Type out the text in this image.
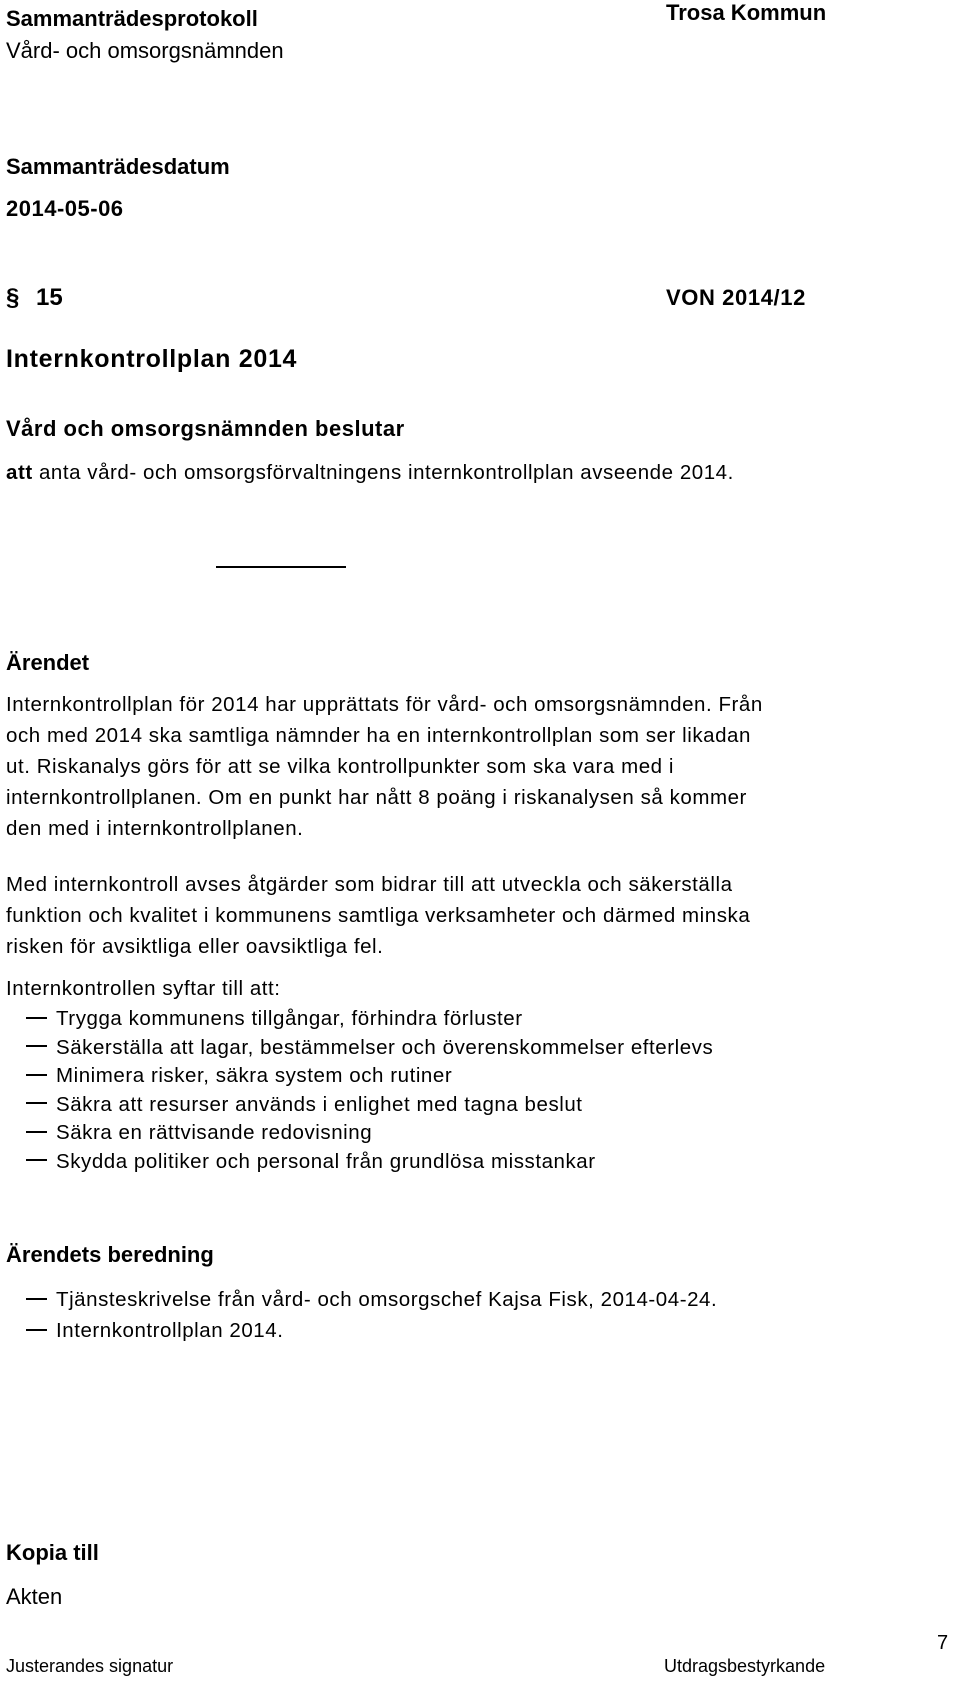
Sammanträdesprotokoll
Vård- och omsorgsnämnden
Trosa Kommun
Sammanträdesdatum
2014-05-06
§ 15	VON 2014/12
Internkontrollplan 2014
Vård och omsorgsnämnden beslutar
att anta vård- och omsorgsförvaltningens internkontrollplan avseende 2014.
Ärendet

Internkontrollplan för 2014 har upprättats för vård- och omsorgsnämnden. Från

och med 2014 ska samtliga nämnder ha en internkontrollplan som ser likadan

ut. Riskanalys görs för att se vilka kontrollpunkter som ska vara med i

internkontrollplanen. Om en punkt har nått 8 poäng i riskanalysen så kommer

den med i internkontrollplanen.

Med internkontroll avses åtgärder som bidrar till att utveckla och säkerställa

funktion och kvalitet i kommunens samtliga verksamheter och därmed minska

risken för avsiktliga eller oavsiktliga fel.

Internkontrollen syftar till att:
Trygga kommunens tillgångar, förhindra förluster
Säkerställa att lagar, bestämmelser och överenskommelser efterlevs
Minimera risker, säkra system och rutiner
Säkra att resurser används i enlighet med tagna beslut
Säkra en rättvisande redovisning
Skydda politiker och personal från grundlösa misstankar
Ärendets beredning
Tjänsteskrivelse från vård- och omsorgschef Kajsa Fisk, 2014-04-24.
Internkontrollplan 2014.
Kopia till
Akten
Justerandes signatur	Utdragsbestyrkande
7
